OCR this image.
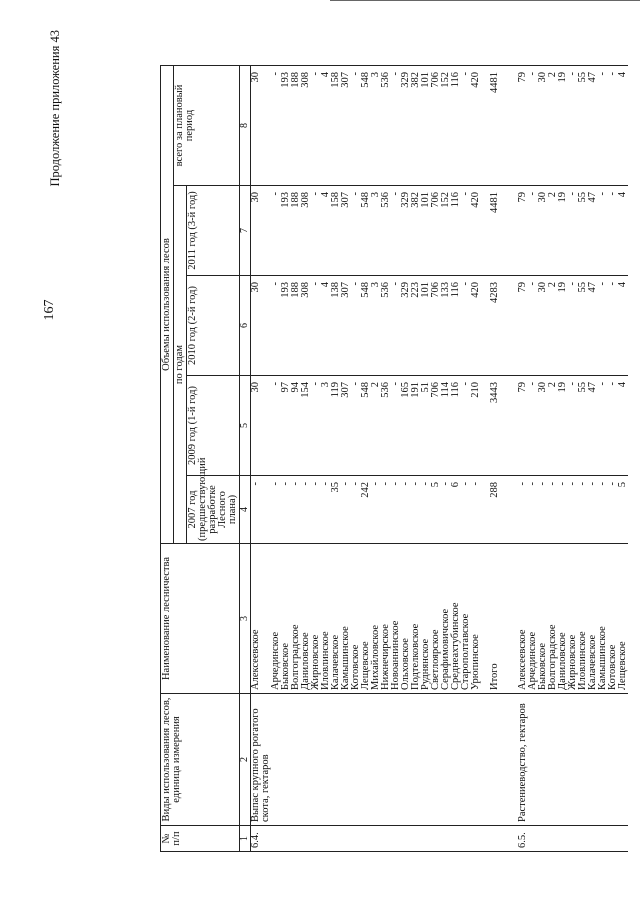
167
Продолжение приложения 43
№ п/п	Виды использования лесов, единица измерения	Наименование лесничества	Объемы использования лесов				
			по годам				всего за плановый период
			2007 год (предшествующий разработке Лесного плана)	2009 год (1-й год)	2010 год (2-й год)	2011 год (3-й год)	
1	2	3	4	5	6	7	8
6.4.	Выпас крупного рогатого скота, гектаров	Алексеевское	-	30	30	30	30
		Арчединское	-	-	-	-	-
		Быковское	-	97	193	193	193
		Волгоградское	-	94	188	188	188
		Даниловское	-	154	308	308	308
		Жирновское	-	-	-	-	-
		Иловлинское	-	3	4	4	4
		Калачевское	35	119	138	158	158
		Камышинское	-	307	307	307	307
		Котовское	-	-	-	-	-
		Лещевское	242	548	548	548	548
		Михайловское	-	2	3	3	3
		Нижнечирское	-	536	536	536	536
		Новоаннинское	-	-	-	-	-
		Ольховское	-	165	329	329	329
		Подтелковское	-	191	223	382	382
		Руднянское	-	51	101	101	101
		Светлоярское	5	706	706	706	706
		Серафимовичское	-	114	133	152	152
		Среднеахтубинское	6	116	116	116	116
		Старополтавское	-	-	-	-	-
		Урюпинское	-	210	420	420	420

		Итого	288	3443	4283	4481	4481

6.5.	Растениеводство, гектаров	Алексеевское	-	79	79	79	79
		Арчединское	-	-	-	-	-
		Быковское	-	30	30	30	30
		Волгоградское	-	2	2	2	2
		Даниловское	-	19	19	19	19
		Жирновское	-	-	-	-	-
		Иловлинское	-	55	55	55	55
		Калачевское	-	47	47	47	47
		Камышинское	-	-	-	-	-
		Котовское	-	-	-	-	-
		Лещевское	5	4	4	4	4
